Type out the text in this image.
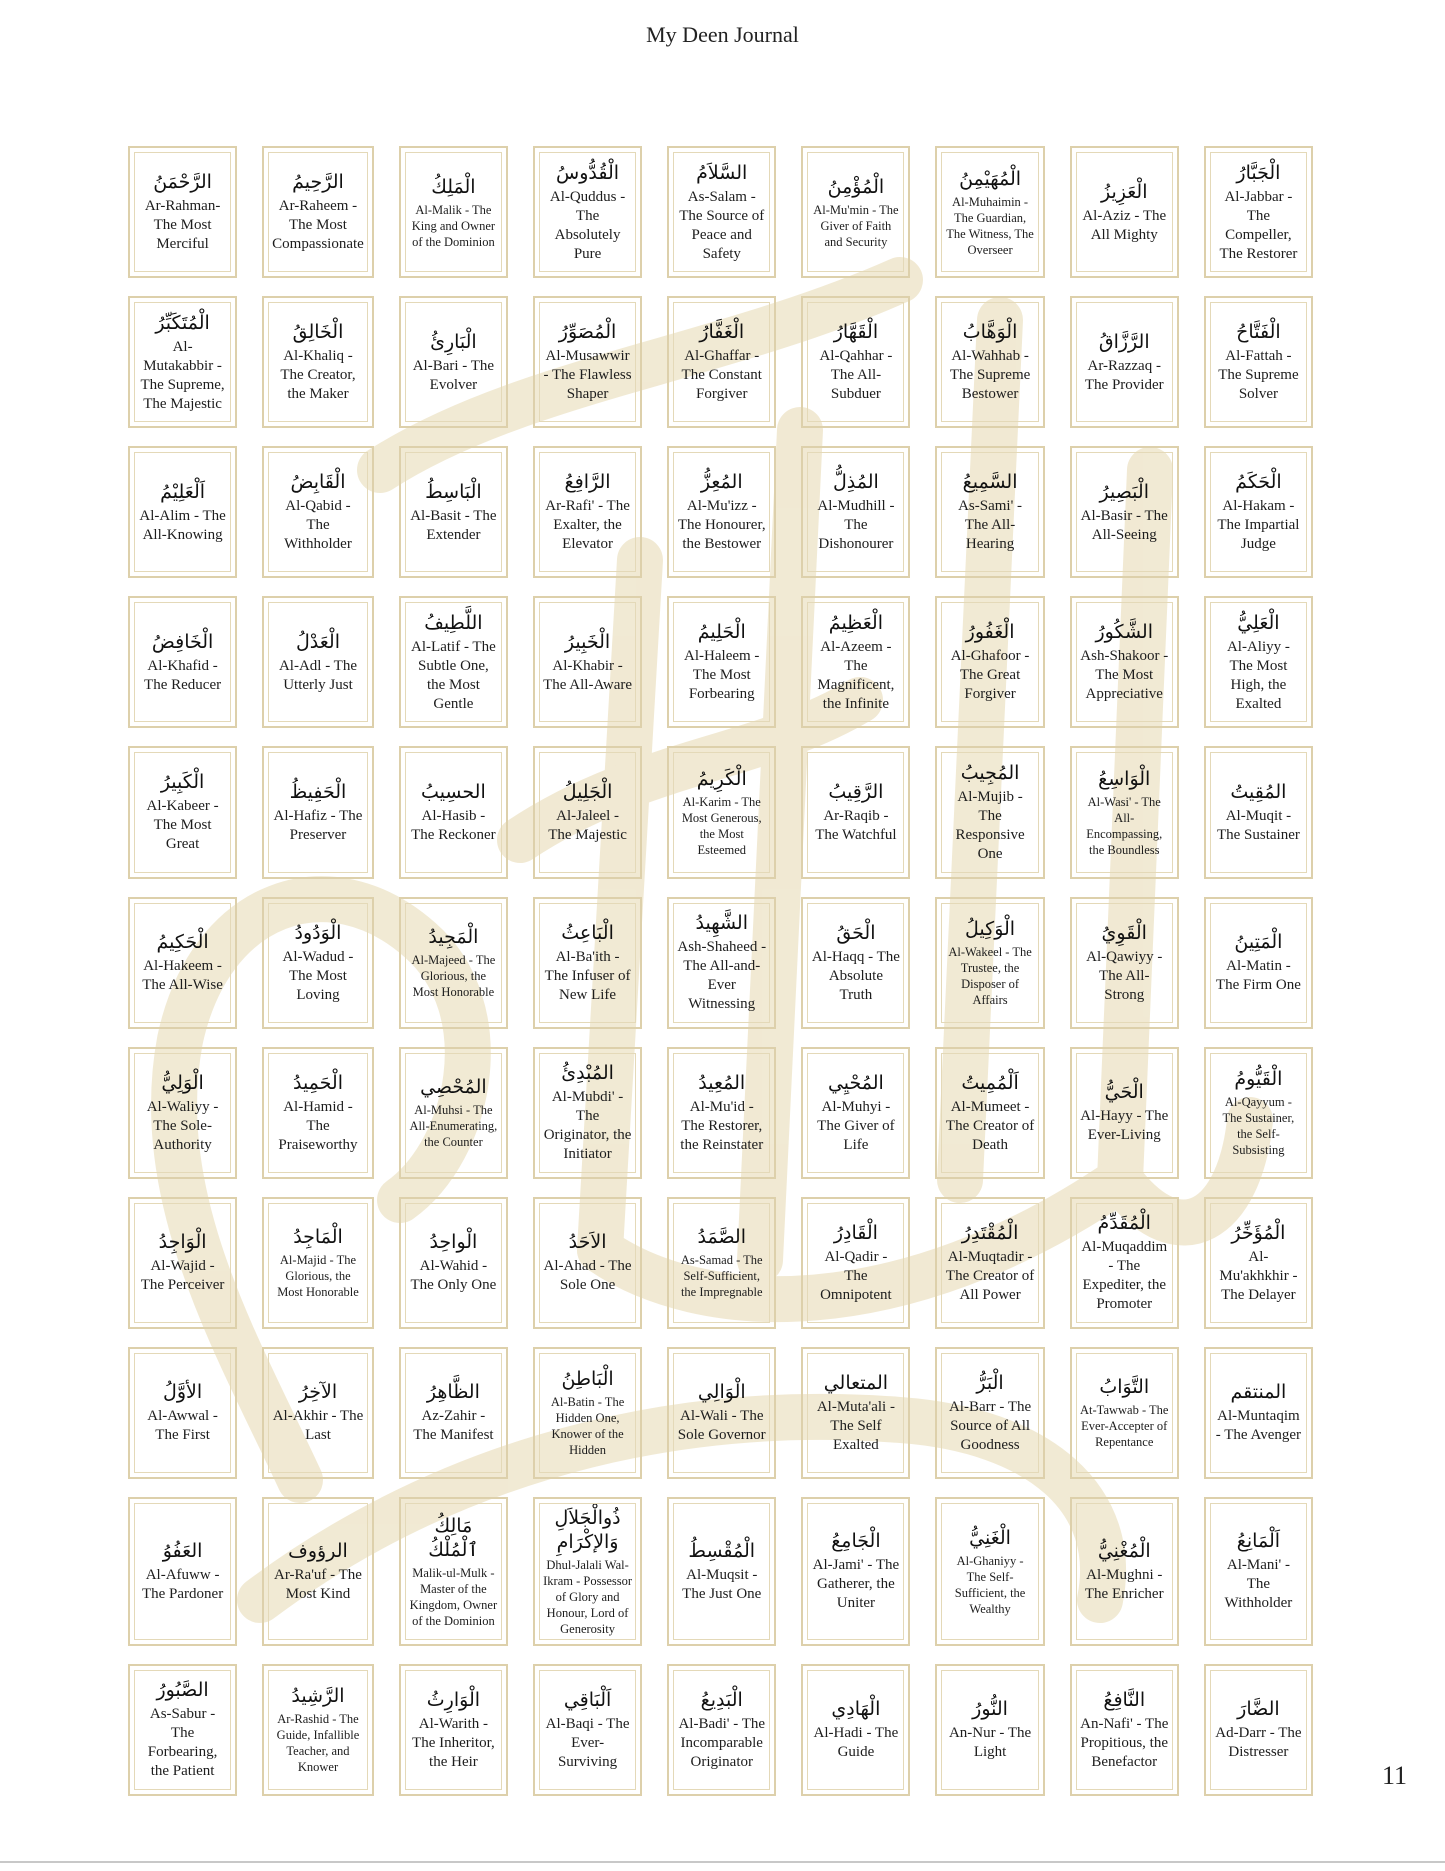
My Deen Journal
الرَّحْمَنُ
Ar-Rahman- The Most Merciful
الرَّحِيمُ
Ar-Raheem - The Most Compassionate
الْمَلِكُ
Al-Malik - The King and Owner of the Dominion
الْقُدُّوسُ
Al-Quddus - The Absolutely Pure
السَّلاَمُ
As-Salam - The Source of Peace and Safety
الْمُؤْمِنُ
Al-Mu'min - The Giver of Faith and Security
الْمُهَيْمِنُ
Al-Muhaimin - The Guardian, The Witness, The Overseer
الْعَزِيزُ
Al-Aziz - The All Mighty
الْجَبَّارُ
Al-Jabbar - The Compeller, The Restorer
الْمُتَكَبِّرُ
Al-Mutakabbir - The Supreme, The Majestic
الْخَالِقُ
Al-Khaliq - The Creator, the Maker
الْبَارِئُ
Al-Bari - The Evolver
الْمُصَوِّرُ
Al-Musawwir - The Flawless Shaper
الْغَفَّارُ
Al-Ghaffar - The Constant Forgiver
الْقَهَّارُ
Al-Qahhar - The All-Subduer
الْوَهَّابُ
Al-Wahhab - The Supreme Bestower
الرَّزَّاقُ
Ar-Razzaq - The Provider
الْفَتَّاحُ
Al-Fattah - The Supreme Solver
اَلْعَلِيْمُ
Al-Alim - The All-Knowing
الْقَابِضُ
Al-Qabid - The Withholder
الْبَاسِطُ
Al-Basit - The Extender
الرَّافِعُ
Ar-Rafi' - The Exalter, the Elevator
المُعِزُّ
Al-Mu'izz - The Honourer, the Bestower
المُذِلُّ
Al-Mudhill - The Dishonourer
السَّمِيعُ
As-Sami' - The All-Hearing
الْبَصِيرُ
Al-Basir - The All-Seeing
الْحَكَمُ
Al-Hakam - The Impartial Judge
الْخَافِضُ
Al-Khafid - The Reducer
الْعَدْلُ
Al-Adl - The Utterly Just
اللَّطِيفُ
Al-Latif - The Subtle One, the Most Gentle
الْخَبِيرُ
Al-Khabir - The All-Aware
الْحَلِيمُ
Al-Haleem - The Most Forbearing
الْعَظِيمُ
Al-Azeem - The Magnificent, the Infinite
الْغَفُورُ
Al-Ghafoor - The Great Forgiver
الشَّكُورُ
Ash-Shakoor - The Most Appreciative
الْعَلِيُّ
Al-Aliyy - The Most High, the Exalted
الْكَبِيرُ
Al-Kabeer - The Most Great
الْحَفِيظُ
Al-Hafiz - The Preserver
الحسِيبُ
Al-Hasib - The Reckoner
الْجَلِيلُ
Al-Jaleel - The Majestic
الْكَرِيمُ
Al-Karim - The Most Generous, the Most Esteemed
الرَّقِيبُ
Ar-Raqib - The Watchful
المُجِيبُ
Al-Mujib - The Responsive One
الْوَاسِعُ
Al-Wasi' - The All-Encompassing, the Boundless
المُقِيتُ
Al-Muqit - The Sustainer
الْحَكِيمُ
Al-Hakeem - The All-Wise
الْوَدُودُ
Al-Wadud - The Most Loving
الْمَجِيدُ
Al-Majeed - The Glorious, the Most Honorable
الْبَاعِثُ
Al-Ba'ith - The Infuser of New Life
الشَّهِيدُ
Ash-Shaheed - The All-and-Ever Witnessing
الْحَقُ
Al-Haqq - The Absolute Truth
الْوَكِيلُ
Al-Wakeel - The Trustee, the Disposer of Affairs
الْقَوِيُ
Al-Qawiyy - The All-Strong
الْمَتِينُ
Al-Matin - The Firm One
الْوَلِيُّ
Al-Waliyy - The Sole-Authority
الْحَمِيدُ
Al-Hamid - The Praiseworthy
المُحْصِي
Al-Muhsi - The All-Enumerating, the Counter
المُبْدِئُ
Al-Mubdi' - The Originator, the Initiator
المُعِيدُ
Al-Mu'id - The Restorer, the Reinstater
المُحْيِي
Al-Muhyi - The Giver of Life
اَلْمُمِيتُ
Al-Mumeet - The Creator of Death
الْحَيُّ
Al-Hayy - The Ever-Living
الْقَيُّومُ
Al-Qayyum - The Sustainer, the Self-Subsisting
الْوَاجِدُ
Al-Wajid - The Perceiver
الْمَاجِدُ
Al-Majid - The Glorious, the Most Honorable
الْواحِدُ
Al-Wahid - The Only One
الاَحَدُ
Al-Ahad - The Sole One
الصَّمَدُ
As-Samad - The Self-Sufficient, the Impregnable
الْقَادِرُ
Al-Qadir - The Omnipotent
الْمُقْتَدِرُ
Al-Muqtadir - The Creator of All Power
الْمُقَدِّمُ
Al-Muqaddim - The Expediter, the Promoter
الْمُؤَخِّرُ
Al-Mu'akhkhir - The Delayer
الأوَّلُ
Al-Awwal - The First
الآخِرُ
Al-Akhir - The Last
الظَّاهِرُ
Az-Zahir - The Manifest
الْبَاطِنُ
Al-Batin - The Hidden One, Knower of the Hidden
الْوَالِي
Al-Wali - The Sole Governor
المتعالي
Al-Muta'ali - The Self Exalted
الْبَرُّ
Al-Barr - The Source of All Goodness
التَّوَابُ
At-Tawwab - The Ever-Accepter of Repentance
المنتقم
Al-Muntaqim - The Avenger
العَفُوُ
Al-Afuww - The Pardoner
الرؤوف
Ar-Ra'uf - The Most Kind
مَالِكُ ٱلْمُلْكُ
Malik-ul-Mulk - Master of the Kingdom, Owner of the Dominion
ذُوالْجَلاَلِ وَالإكْرَامِ
Dhul-Jalali Wal-Ikram - Possessor of Glory and Honour, Lord of Generosity
الْمُقْسِطُ
Al-Muqsit - The Just One
الْجَامِعُ
Al-Jami' - The Gatherer, the Uniter
الْغَنِيُّ
Al-Ghaniyy - The Self-Sufficient, the Wealthy
الْمُغْنِيُّ
Al-Mughni - The Enricher
اَلْمَانِعُ
Al-Mani' - The Withholder
الصَّبُورُ
As-Sabur - The Forbearing, the Patient
الرَّشِيدُ
Ar-Rashid - The Guide, Infallible Teacher, and Knower
الْوَارِثُ
Al-Warith - The Inheritor, the Heir
اَلْبَاقِي
Al-Baqi - The Ever-Surviving
الْبَدِيعُ
Al-Badi' - The Incomparable Originator
الْهَادِي
Al-Hadi - The Guide
النُّورُ
An-Nur - The Light
النَّافِعُ
An-Nafi' - The Propitious, the Benefactor
الضَّارَ
Ad-Darr - The Distresser
11
